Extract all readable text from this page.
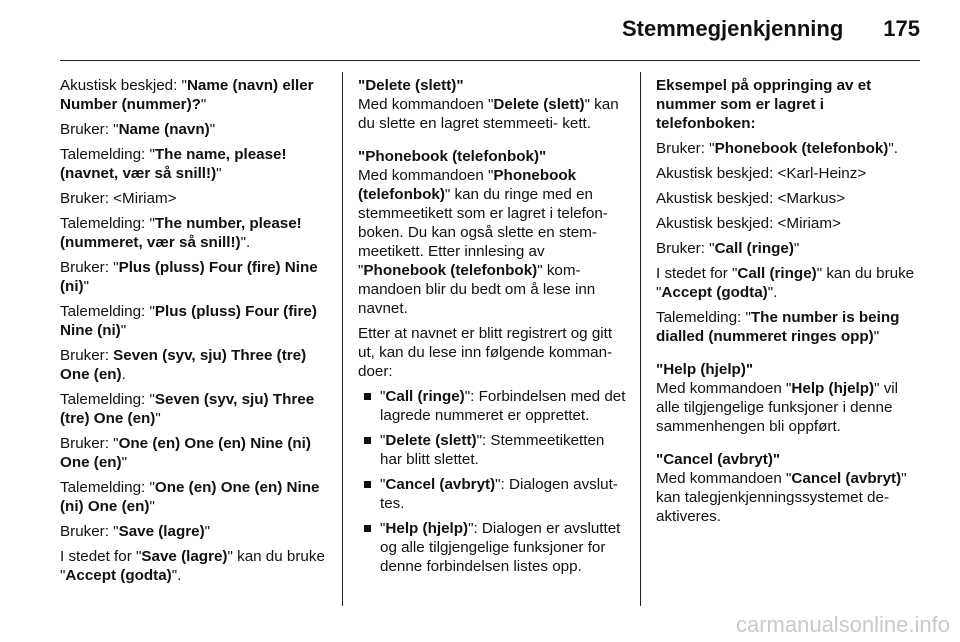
Stemmegjenkjenning 175

Akustisk beskjed: "Name (navn) eller Number (nummer)?"

Bruker: "Name (navn)"

Talemelding: "The name, please! (navnet, vær så snill!)"

Bruker: <Miriam>

Talemelding: "The number, please! (nummeret, vær så snill!)".

Bruker: "Plus (pluss) Four (fire) Nine (ni)"

Talemelding: "Plus (pluss) Four (fire) Nine (ni)"

Bruker: Seven (syv, sju) Three (tre) One (en).

Talemelding: "Seven (syv, sju) Three (tre) One (en)"

Bruker: "One (en) One (en) Nine (ni) One (en)"

Talemelding: "One (en) One (en) Nine (ni) One (en)"

Bruker: "Save (lagre)"

I stedet for "Save (lagre)" kan du bruke "Accept (godta)".

"Delete (slett)"
Med kommandoen "Delete (slett)" kan du slette en lagret stemmeeti- kett.
"Phonebook (telefonbok)"
Med kommandoen "Phonebook (telefonbok)" kan du ringe med en stemmeetikett som er lagret i telefon- boken. Du kan også slette en stem- meetikett. Etter innlesing av "Phonebook (telefonbok)" kom- mandoen blir du bedt om å lese inn navnet.

Etter at navnet er blitt registrert og gitt ut, kan du lese inn følgende komman- doer:

"Call (ringe)": Forbindelsen med det lagrede nummeret er opprettet.
"Delete (slett)": Stemmeetiketten har blitt slettet.
"Cancel (avbryt)": Dialogen avslut- tes.
"Help (hjelp)": Dialogen er avsluttet og alle tilgjengelige funksjoner for denne forbindelsen listes opp.

Eksempel på oppringing av et nummer som er lagret i telefonboken:

Bruker: "Phonebook (telefonbok)".

Akustisk beskjed: <Karl-Heinz>

Akustisk beskjed: <Markus>

Akustisk beskjed: <Miriam>

Bruker: "Call (ringe)"

I stedet for "Call (ringe)" kan du bruke "Accept (godta)".

Talemelding: "The number is being dialled (nummeret ringes opp)"

"Help (hjelp)"
Med kommandoen "Help (hjelp)" vil alle tilgjengelige funksjoner i denne sammenhengen bli oppført.
"Cancel (avbryt)"
Med kommandoen "Cancel (avbryt)" kan talegjenkjenningssystemet de- aktiveres.
carmanualsonline.info
